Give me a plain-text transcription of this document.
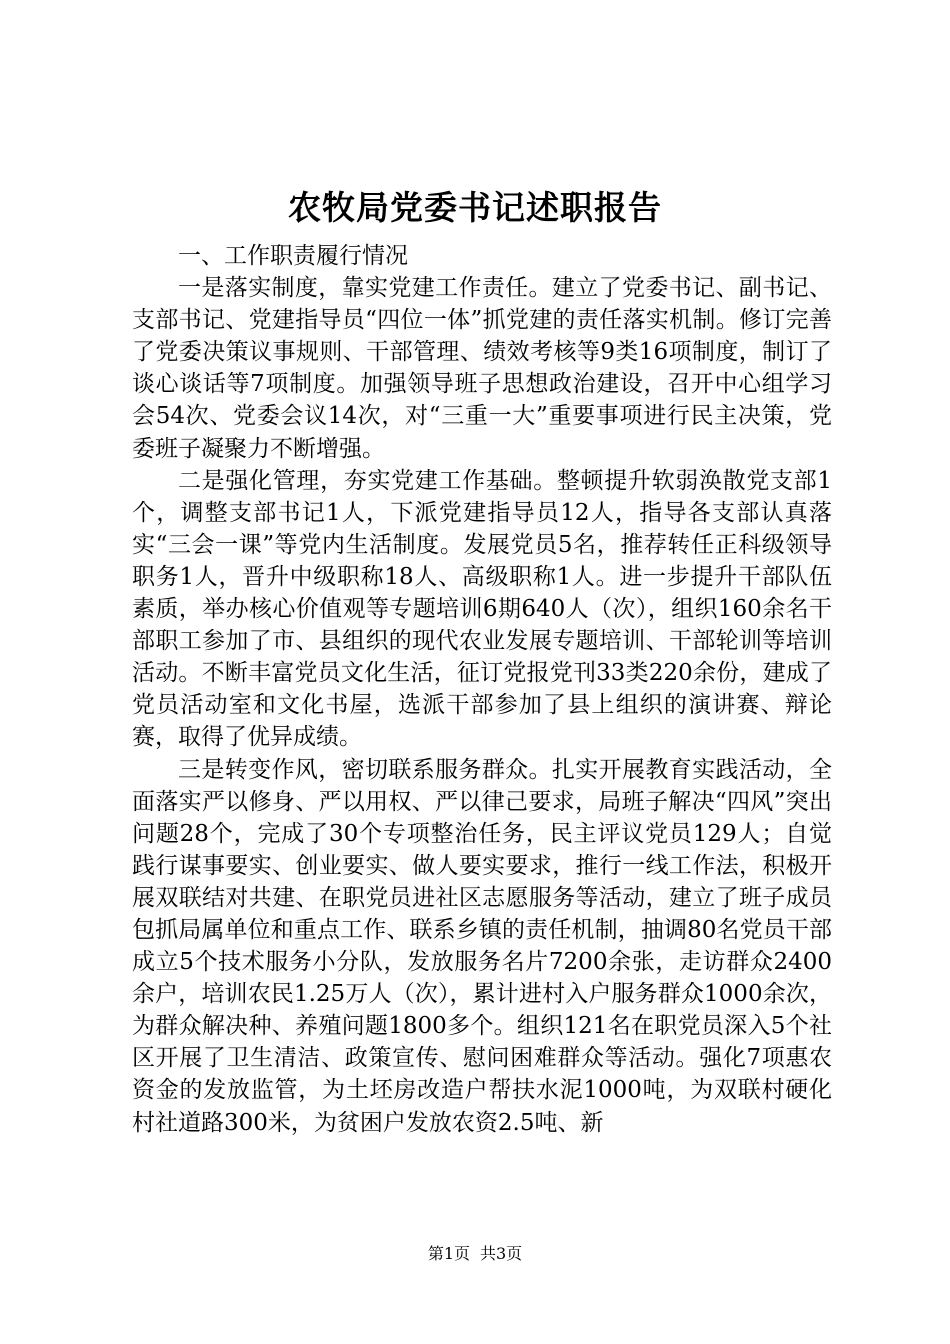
农牧局党委书记述职报告
一、工作职责履行情况

一是落实制度，靠实党建工作责任。建立了党委书记、副书记、支部书记、党建指导员“四位一体”抓党建的责任落实机制。修订完善了党委决策议事规则、干部管理、绩效考核等9类16项制度，制订了谈心谈话等7项制度。加强领导班子思想政治建设，召开中心组学习会54次、党委会议14次，对“三重一大”重要事项进行民主决策，党委班子凝聚力不断增强。

二是强化管理，夯实党建工作基础。整顿提升软弱涣散党支部1个，调整支部书记1人，下派党建指导员12人，指导各支部认真落实“三会一课”等党内生活制度。发展党员5名，推荐转任正科级领导职务1人，晋升中级职称18人、高级职称1人。进一步提升干部队伍素质，举办核心价值观等专题培训6期640人（次），组织160余名干部职工参加了市、县组织的现代农业发展专题培训、干部轮训等培训活动。不断丰富党员文化生活，征订党报党刊33类220余份，建成了党员活动室和文化书屋，选派干部参加了县上组织的演讲赛、辩论赛，取得了优异成绩。

三是转变作风，密切联系服务群众。扎实开展教育实践活动，全面落实严以修身、严以用权、严以律己要求，局班子解决“四风”突出问题28个，完成了30个专项整治任务，民主评议党员129人；自觉践行谋事要实、创业要实、做人要实要求，推行一线工作法，积极开展双联结对共建、在职党员进社区志愿服务等活动，建立了班子成员包抓局属单位和重点工作、联系乡镇的责任机制，抽调80名党员干部成立5个技术服务小分队，发放服务名片7200余张，走访群众2400余户，培训农民1.25万人（次），累计进村入户服务群众1000余次，为群众解决种、养殖问题1800多个。组织121名在职党员深入5个社区开展了卫生清洁、政策宣传、慰问困难群众等活动。强化7项惠农资金的发放监管，为土坯房改造户帮扶水泥1000吨，为双联村硬化村社道路300米，为贫困户发放农资2.5吨、新

第1页 共3页
